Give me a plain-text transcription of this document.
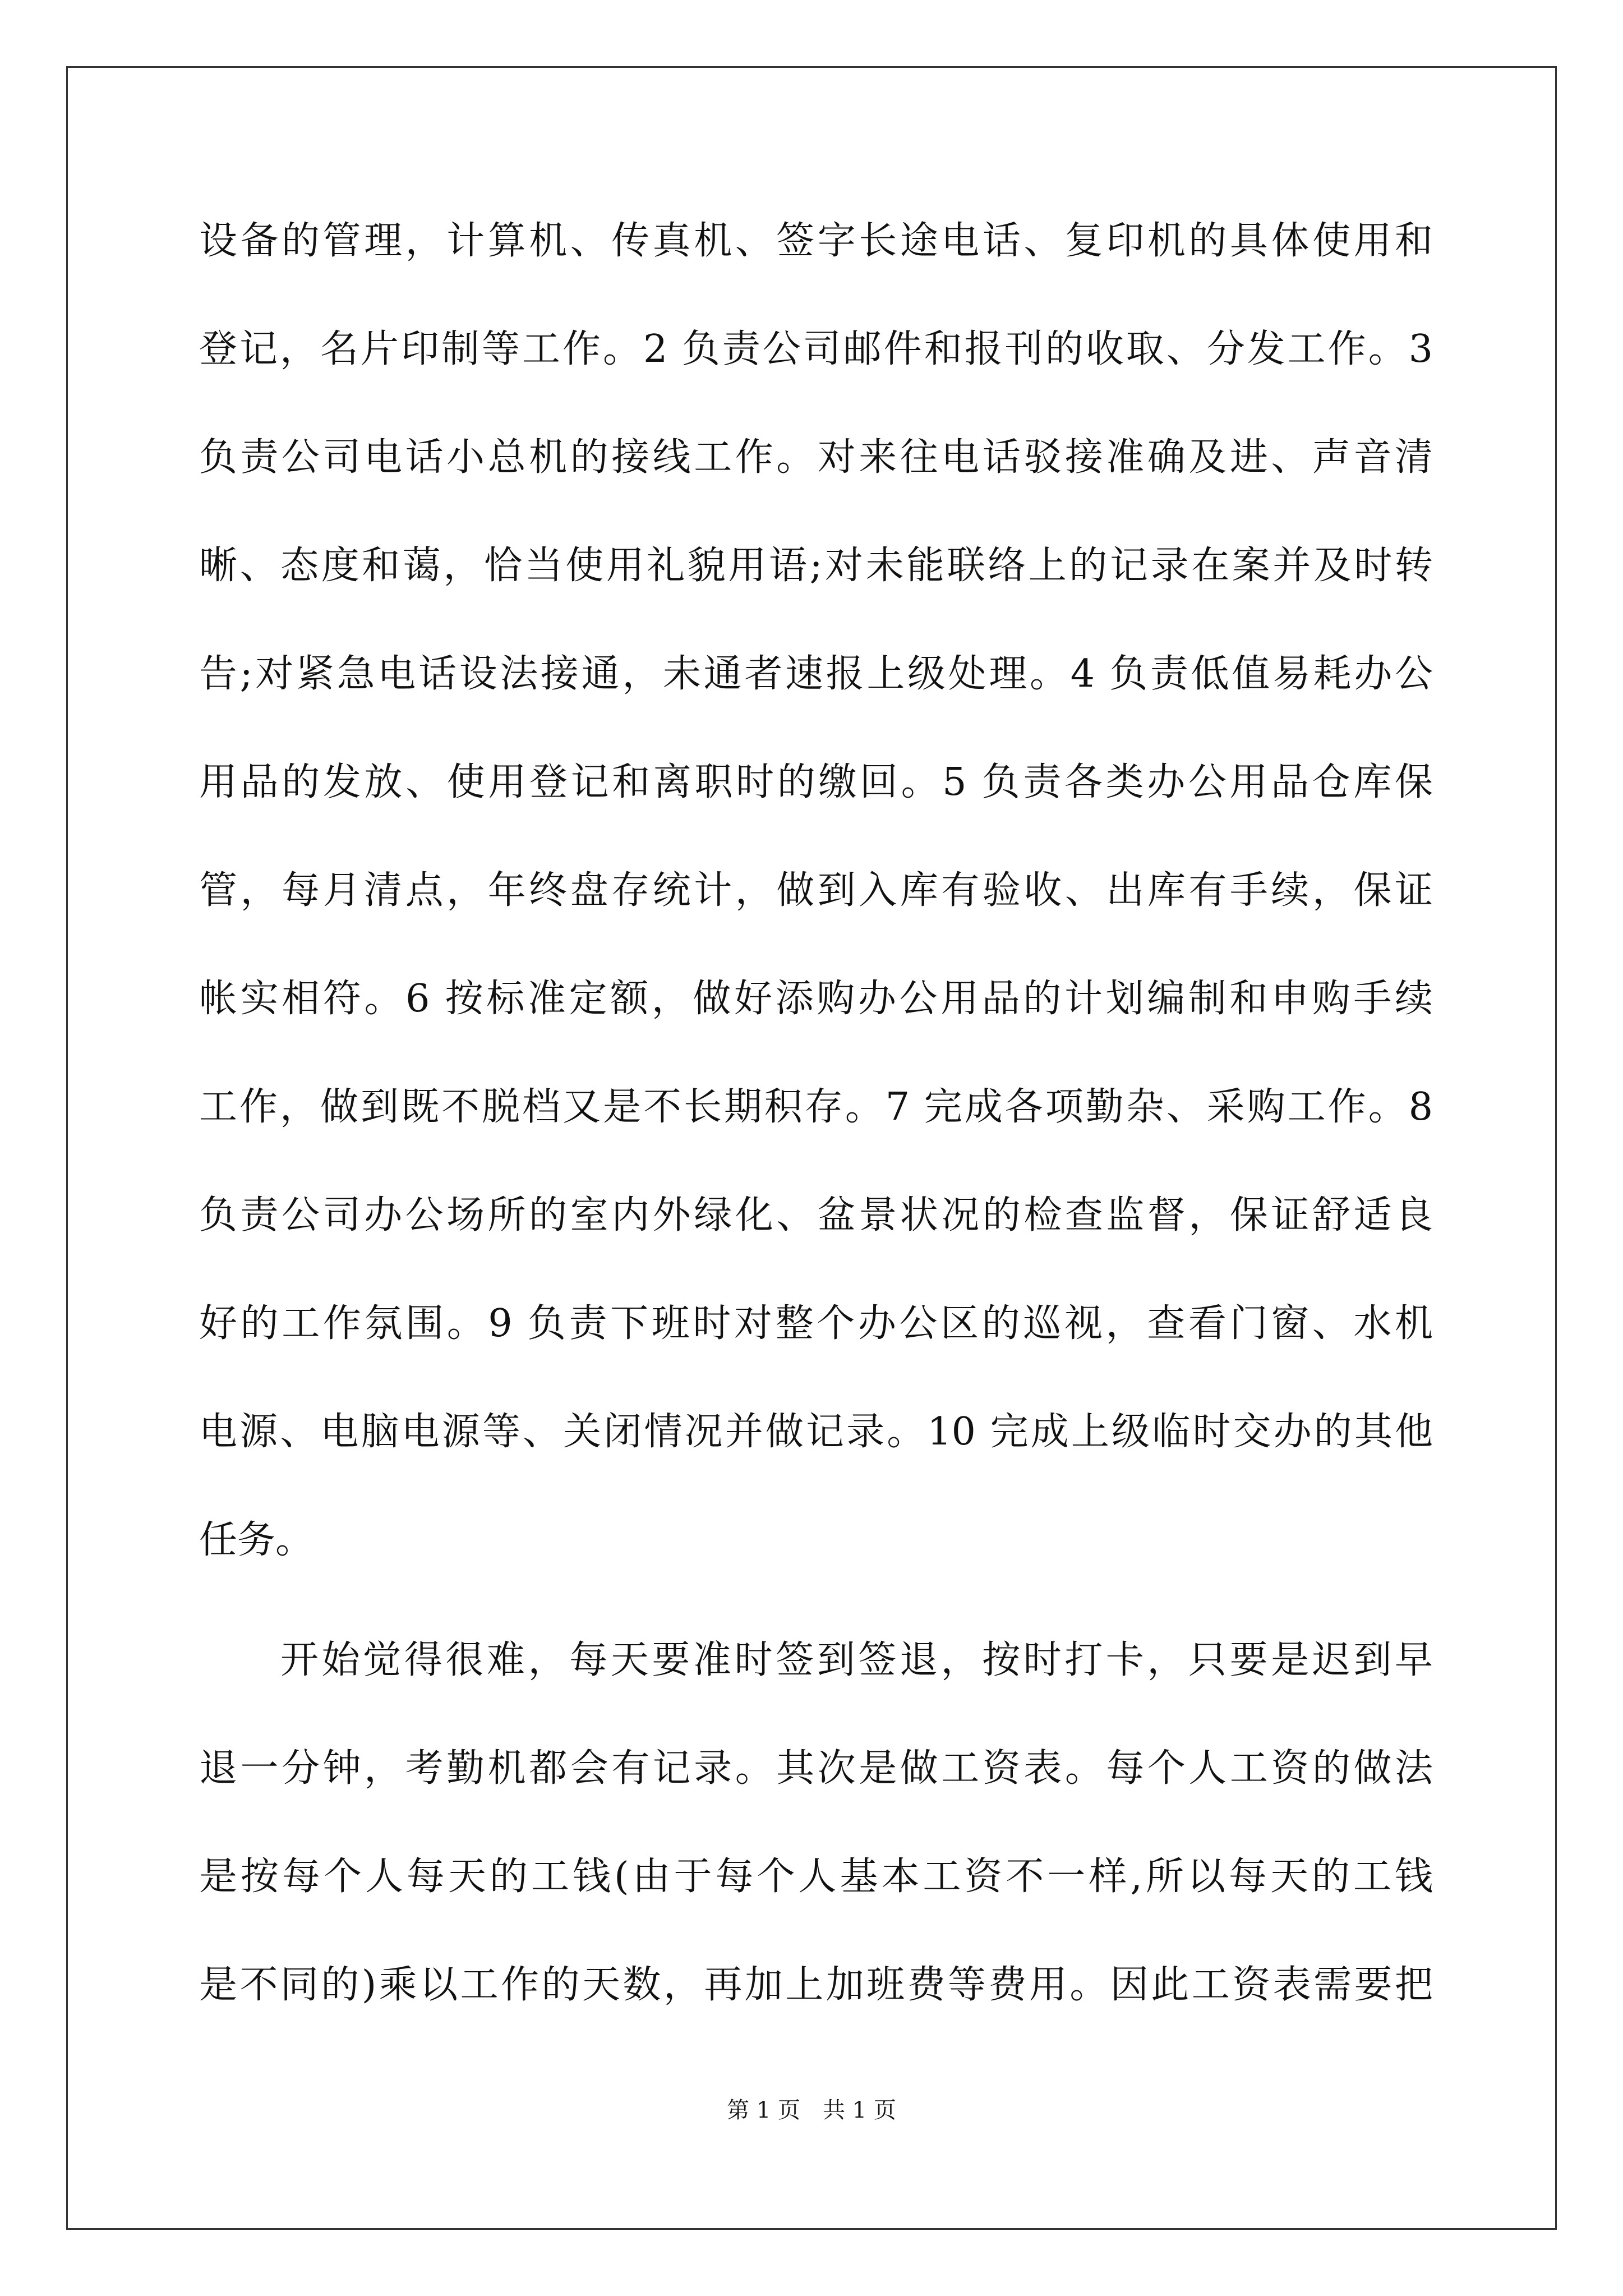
设备的管理，计算机、传真机、签字长途电话、复印机的具体使用和
登记，名片印制等工作。2 负责公司邮件和报刊的收取、分发工作。3
负责公司电话小总机的接线工作。对来往电话驳接准确及进、声音清
晰、态度和蔼，恰当使用礼貌用语;对未能联络上的记录在案并及时转
告;对紧急电话设法接通，未通者速报上级处理。4 负责低值易耗办公
用品的发放、使用登记和离职时的缴回。5 负责各类办公用品仓库保
管，每月清点，年终盘存统计，做到入库有验收、出库有手续，保证
帐实相符。6 按标准定额，做好添购办公用品的计划编制和申购手续
工作，做到既不脱档又是不长期积存。7 完成各项勤杂、采购工作。8
负责公司办公场所的室内外绿化、盆景状况的检查监督，保证舒适良
好的工作氛围。9 负责下班时对整个办公区的巡视，查看门窗、水机
电源、电脑电源等、关闭情况并做记录。10 完成上级临时交办的其他
任务。
开始觉得很难，每天要准时签到签退，按时打卡，只要是迟到早
退一分钟，考勤机都会有记录。其次是做工资表。每个人工资的做法
是按每个人每天的工钱(由于每个人基本工资不一样,所以每天的工钱
是不同的)乘以工作的天数，再加上加班费等费用。因此工资表需要把
第 1 页　共 1 页
